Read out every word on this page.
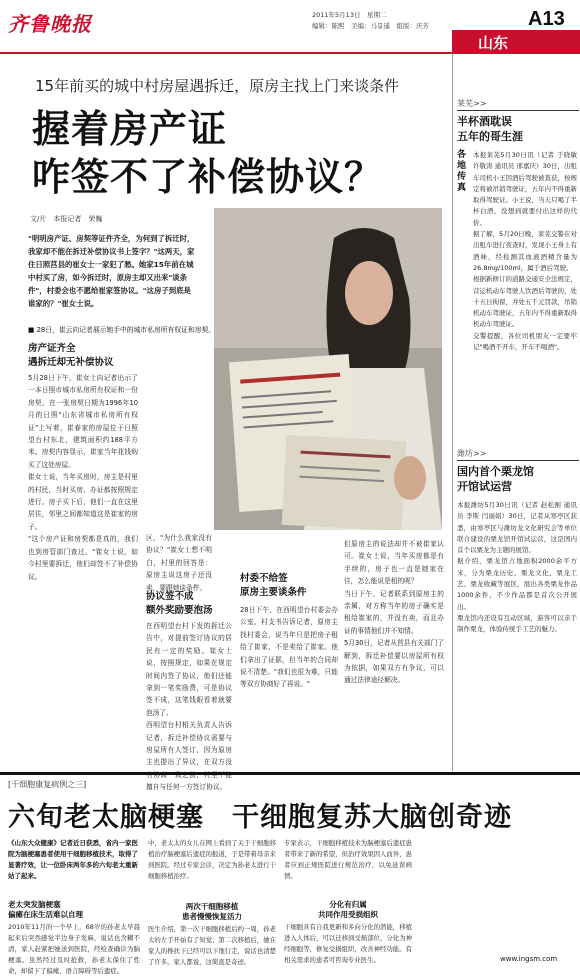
齐鲁晚报	2011年5月13日　星期二
编辑：陈熙　美编：马景遥　组版：庆芳	A13
山东
15年前买的城中村房屋遇拆迁，原房主找上门来谈条件
握着房产证
咋签不了补偿协议？
文/片　本报记者　荣巍
"明明房产证、房契等证件齐全，为何到了拆迁时，我家却不能在拆迁补偿协议书上签字？"这两天，家住日照莒县的崔女士一家犯了愁。她家15年前在城中村买了房，如今拆迁时，原房主却又出来"谈条件"，村委会也不愿给崔家签协议。"这房子到底是谁家的？"崔女士说。
■ 28日，崔云向记者展示她手中的城市私房所有权证和房契。
房产证齐全
遇拆迁却无补偿协议

5月28日下午，崔女士向记者出示了一本日照市城市私房所有权证和一份房契。在一张房契日期为1996年10月的日照"山东省城市私房所有权证"上写着，崔春家的房屋位于日照望台村东北，建筑面积约188平方米。房契内容显示，崔家当年花钱购买了这处房屋。

崔女士说，当年买房时，房主是村里的村民，当时买房、办证都按照规定进行。房子买下后，他们一直在这里居住，邻里之间都知道这是崔家的房子。

"这个房产证和房契都是真的，我们也到房管部门查过。"崔女士说，如今村里要拆迁，他们却签不了补偿协议。

区，"为什么我家没有协议？"崔女士想不明白，村里的回答是：原房主说这房子还没卖，要跟她谈条件。
协议签不成
额外奖励要泡汤

在西明望台村下发的拆迁公告中，对提前签订协议的居民有一定的奖励。崔女士说，按照规定，如果在规定时间内签了协议，他们还能拿到一笔奖励费，可是协议签不成，这笔钱眼看着就要泡汤了。

西明望台村相关负责人告诉记者，拆迁补偿协议需要与房屋所有人签订，因为原房主也提出了异议，在双方没 擅自与任何一方签订协议。

村委不给签
原房主要谈条件
28日下午，在西明望台村委会办公室，村支书告诉记者，原房主找村委会，说当年只是把房子租给了崔家，不是卖给了崔家。他们拿出了证据，但当年的合同却说不清楚。"我们也很为难，只能等双方协商好了再说。"

但原房主的说法却并不被崔家认可。崔女士说，当年买房都是有手续的，房子也一直是她家在住，怎么能说是租的呢？

当日下午，记者联系到原房主的亲属，对方称当年的房子确实是租给崔家的，并没有卖，而且办证的事情他们并不知情。

5月30日，记者从莒县有关部门了解到，拆迁补偿要以房屋所有权为依据，如果双方有争议，可以通过法律途径解决。

莱芜>>
半杯酒耽误
五年的哥生涯
各地传真

本报莱芜5月30日讯（记者 于晓敏 许敬涛 通讯员 邢嘉庆）30日，出租车司机小王因酒后驾驶被查获，按规定将被吊销驾驶证，五年内不得重新取得驾驶证。小王说，当天只喝了半杯白酒，没想到就要付出这样的代价。

据了解，5月20日晚，莱芜交警在对出租车进行夜查时，发现小王身上有酒味，经检测其血液酒精含量为26.8mg/100ml，属于酒后驾驶。

根据新修订的道路交通安全法规定，营运机动车驾驶人饮酒后驾驶的，处十五日拘留，并处五千元罚款，吊销机动车驾驶证，五年内不得重新取得机动车驾驶证。

交警提醒，各位司机朋友一定要牢记"喝酒不开车，开车不喝酒"。

潍坊>>
国内首个栗龙馆
开馆试运营

本报潍坊5月30日讯（记者 赵松刚 通讯员 李斯 闫丽娟）30日，记者从寒亭区获悉，由寒亭区与潍坊龙文化研究会等单位联合建设的栗龙馆开馆试运营，这是国内首个以栗龙为主题的展馆。

据介绍，栗龙馆占地面积2000余平方米，分为栗龙历史、栗龙文化、栗龙工艺、栗龙收藏等展区，展出各类栗龙作品1000余件，不少作品都是首次公开展出。

栗龙馆内还设有互动区域，游客可以亲手制作栗龙，体验传统手工艺的魅力。

[干细胞康复病例之三]
六旬老太脑梗塞　干细胞复苏大脑创奇迹
《山东大众健康》记者近日获悉，省内一家医院为脑梗塞患者使用干细胞移植技术，取得了显著疗效，让一位卧床两年多的六旬老太重新站了起来。
老太突发脑梗塞
偏瘫在床生活难以自理
2010年11月的一个早上，68岁的孙老太早晨起来后突然感觉半边身子发麻，说话也含糊不清，家人赶紧把她送到医院，经检查确诊为脑梗塞。虽然经过及时抢救，孙老太保住了性命，却留下了偏瘫、语言障碍等后遗症。
中，老太太的女儿在网上看到了关于干细胞移植治疗脑梗塞后遗症的报道，于是带着母亲来到医院。经过专家会诊，决定为孙老太进行干细胞移植治疗。
两次干细胞移植
患者慢慢恢复活力
医生介绍，第一次干细胞移植后约一周，孙老太的左手开始有了知觉；第二次移植后，她在家人的搀扶下已经可以下地行走，说话也清楚了许多。家人都说，这简直是奇迹。
专家表示，干细胞移植技术为脑梗塞后遗症患者带来了新的希望，但治疗效果因人而异，患者应到正规医院进行规范治疗，以免延误病情。
分化有归属
共同作用受损组织
干细胞具有自我更新和多向分化的潜能，移植进入人体后，可以迁移到受损部位，分化为神经细胞等，修复受损组织，改善神经功能。有相关需求的患者可咨询专业医生。	www.ingsm.com
